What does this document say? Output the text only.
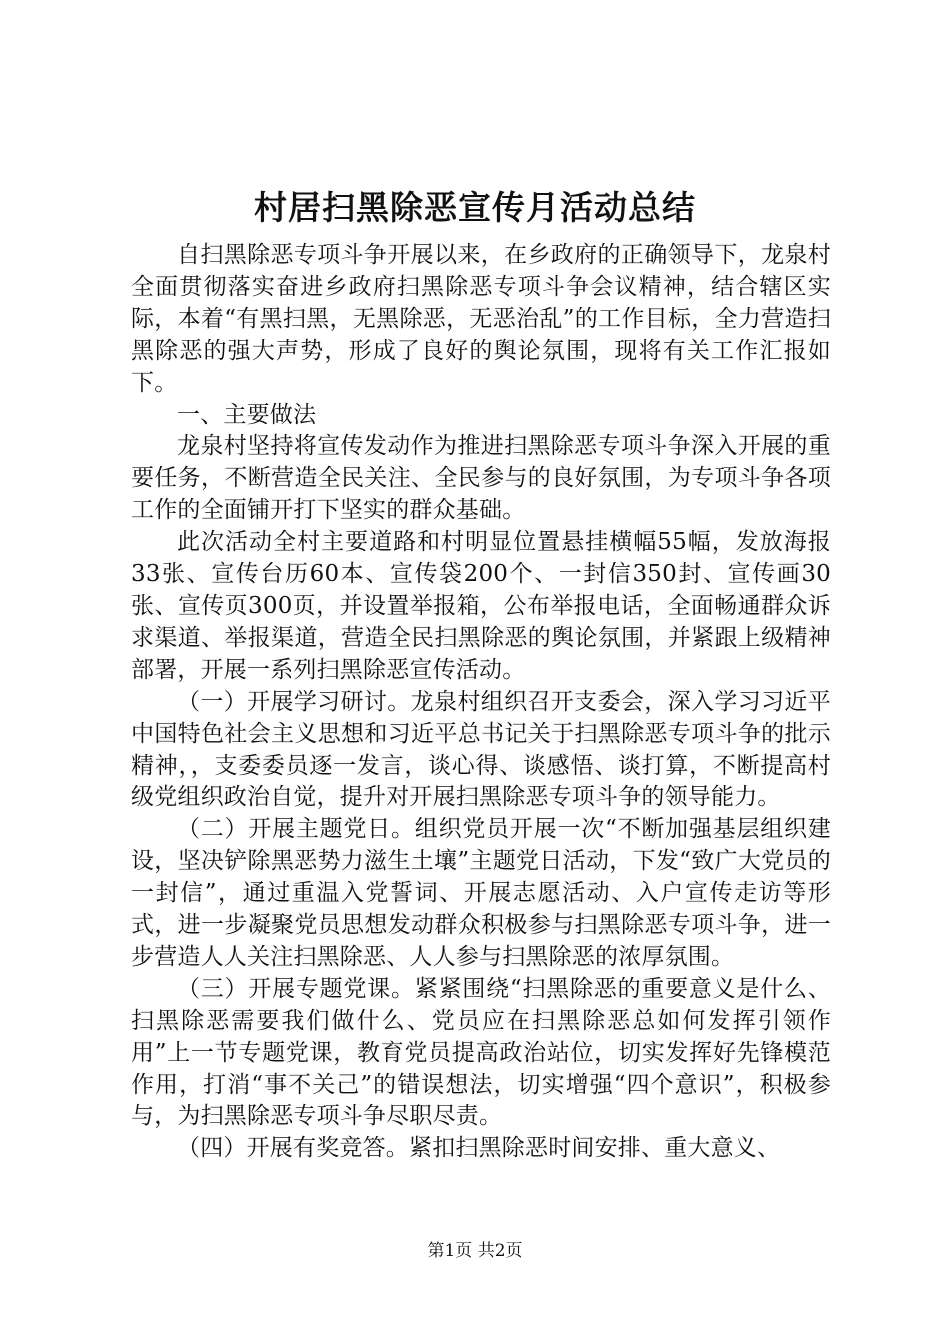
村居扫黑除恶宣传月活动总结

自扫黑除恶专项斗争开展以来，在乡政府的正确领导下，龙泉村全面贯彻落实奋进乡政府扫黑除恶专项斗争会议精神，结合辖区实际，本着“有黑扫黑，无黑除恶，无恶治乱”的工作目标，全力营造扫黑除恶的强大声势，形成了良好的舆论氛围，现将有关工作汇报如下。

一、主要做法

龙泉村坚持将宣传发动作为推进扫黑除恶专项斗争深入开展的重要任务，不断营造全民关注、全民参与的良好氛围，为专项斗争各项工作的全面铺开打下坚实的群众基础。

此次活动全村主要道路和村明显位置悬挂横幅55幅，发放海报33张、宣传台历60本、宣传袋200个、一封信350封、宣传画30张、宣传页300页，并设置举报箱，公布举报电话，全面畅通群众诉求渠道、举报渠道，营造全民扫黑除恶的舆论氛围，并紧跟上级精神部署，开展一系列扫黑除恶宣传活动。

（一）开展学习研讨。龙泉村组织召开支委会，深入学习习近平中国特色社会主义思想和习近平总书记关于扫黑除恶专项斗争的批示精神，，支委委员逐一发言，谈心得、谈感悟、谈打算，不断提高村级党组织政治自觉，提升对开展扫黑除恶专项斗争的领导能力。

（二）开展主题党日。组织党员开展一次“不断加强基层组织建设，坚决铲除黑恶势力滋生土壤”主题党日活动，下发“致广大党员的一封信”，通过重温入党誓词、开展志愿活动、入户宣传走访等形式，进一步凝聚党员思想发动群众积极参与扫黑除恶专项斗争，进一步营造人人关注扫黑除恶、人人参与扫黑除恶的浓厚氛围。

（三）开展专题党课。紧紧围绕“扫黑除恶的重要意义是什么、扫黑除恶需要我们做什么、党员应在扫黑除恶总如何发挥引领作用”上一节专题党课，教育党员提高政治站位，切实发挥好先锋模范作用，打消“事不关己”的错误想法，切实增强“四个意识”，积极参与，为扫黑除恶专项斗争尽职尽责。

（四）开展有奖竞答。紧扣扫黑除恶时间安排、重大意义、

第1页 共2页
